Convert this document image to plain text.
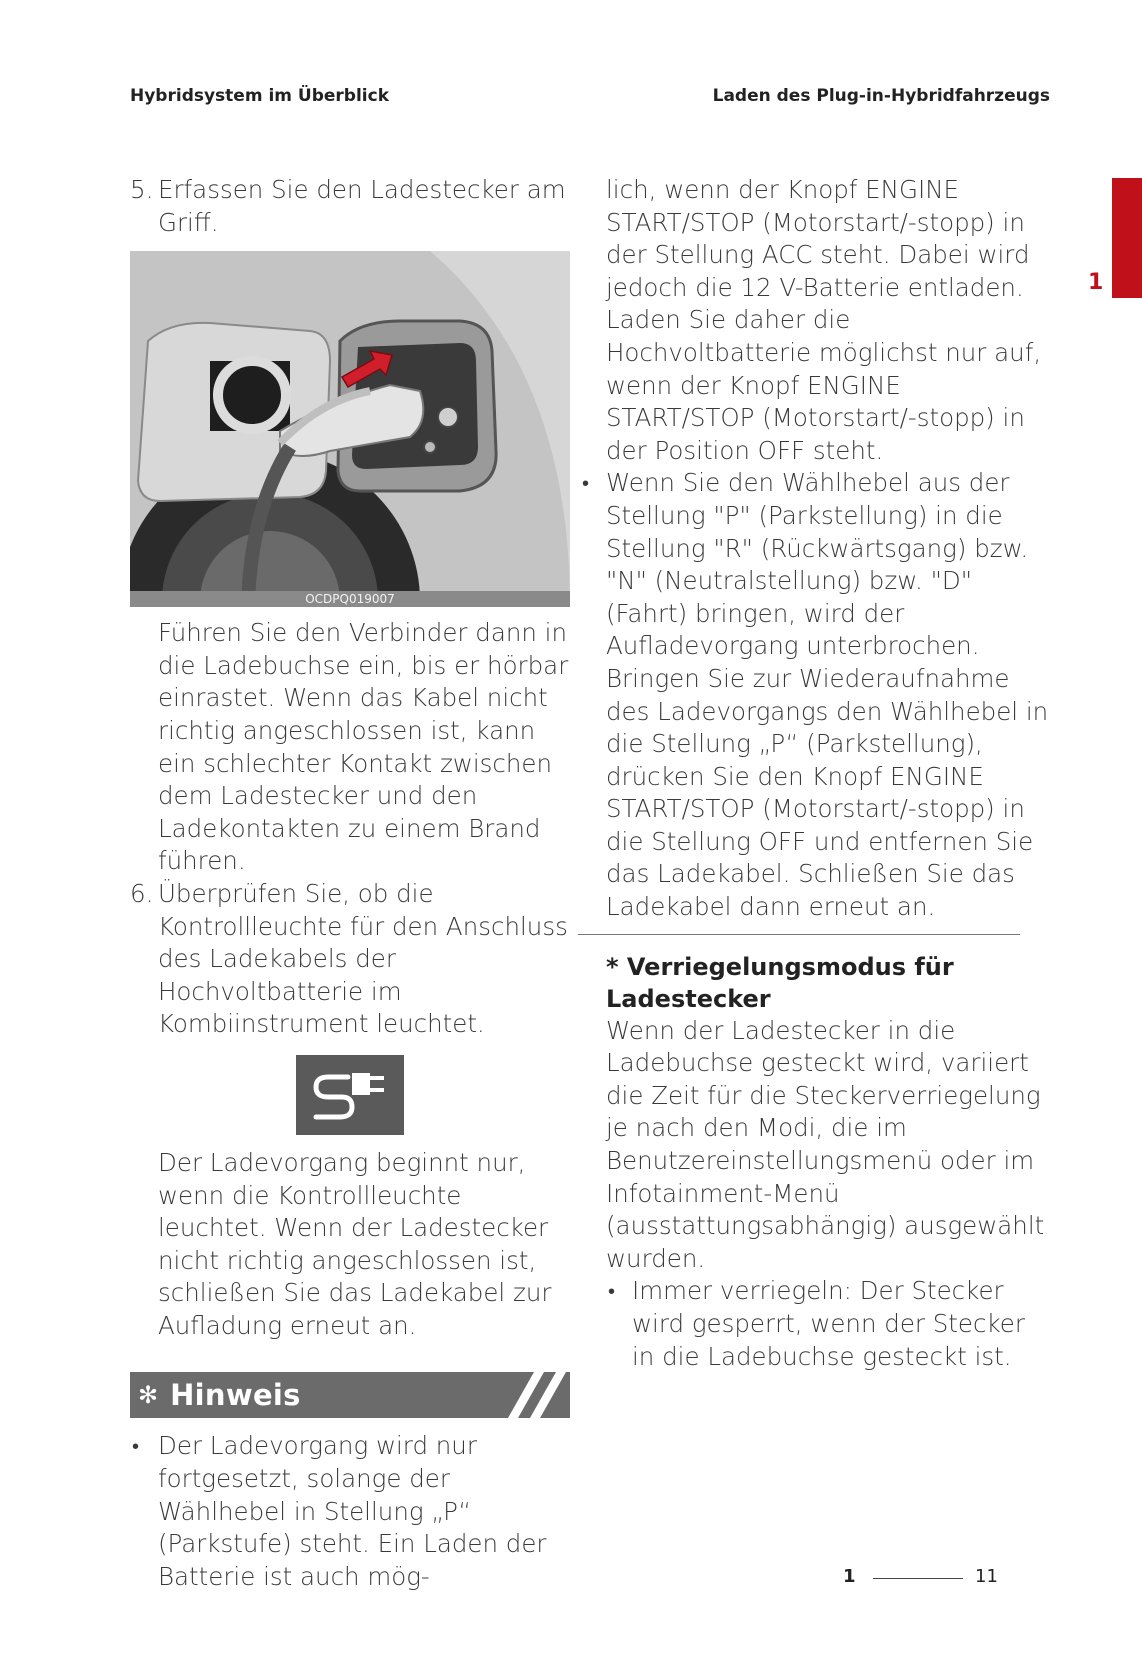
Hybridsystem im Überblick	Laden des Plug-in-Hybridfahrzeugs
1
5. Erfassen Sie den Ladestecker am Griff.
OCDPQ019007
Führen Sie den Verbinder dann in die Ladebuchse ein, bis er hörbar einrastet. Wenn das Kabel nicht richtig angeschlossen ist, kann ein schlechter Kontakt zwischen dem Ladestecker und den Ladekontakten zu einem Brand führen.
6. Überprüfen Sie, ob die Kontrollleuchte für den Anschluss des Ladekabels der Hochvoltbatterie im Kombiinstrument leuchtet.
Der Ladevorgang beginnt nur, wenn die Kontrollleuchte leuchtet. Wenn der Ladestecker nicht richtig angeschlossen ist, schließen Sie das Ladekabel zur Aufladung erneut an.
✻ Hinweis
• Der Ladevorgang wird nur fortgesetzt, solange der Wählhebel in Stellung „P“ (Parkstufe) steht. Ein Laden der Batterie ist auch mög-
lich, wenn der Knopf ENGINE START/STOP (Motorstart/-stopp) in der Stellung ACC steht. Dabei wird jedoch die 12 V-Batterie entladen. Laden Sie daher die Hochvoltbatterie möglichst nur auf, wenn der Knopf ENGINE START/STOP (Motorstart/-stopp) in der Position OFF steht.
• Wenn Sie den Wählhebel aus der Stellung "P" (Parkstellung) in die Stellung "R" (Rückwärtsgang) bzw. "N" (Neutralstellung) bzw. "D" (Fahrt) bringen, wird der Aufladevorgang unterbrochen. Bringen Sie zur Wiederaufnahme des Ladevorgangs den Wählhebel in die Stellung „P“ (Parkstellung), drücken Sie den Knopf ENGINE START/STOP (Motorstart/-stopp) in die Stellung OFF und entfernen Sie das Ladekabel. Schließen Sie das Ladekabel dann erneut an.
* Verriegelungsmodus für Ladestecker
Wenn der Ladestecker in die Ladebuchse gesteckt wird, variiert die Zeit für die Steckerverriegelung je nach den Modi, die im Benutzereinstellungsmenü oder im Infotainment-Menü (ausstattungsabhängig) ausgewählt wurden.
• Immer verriegeln: Der Stecker wird gesperrt, wenn der Stecker in die Ladebuchse gesteckt ist.
1	11
